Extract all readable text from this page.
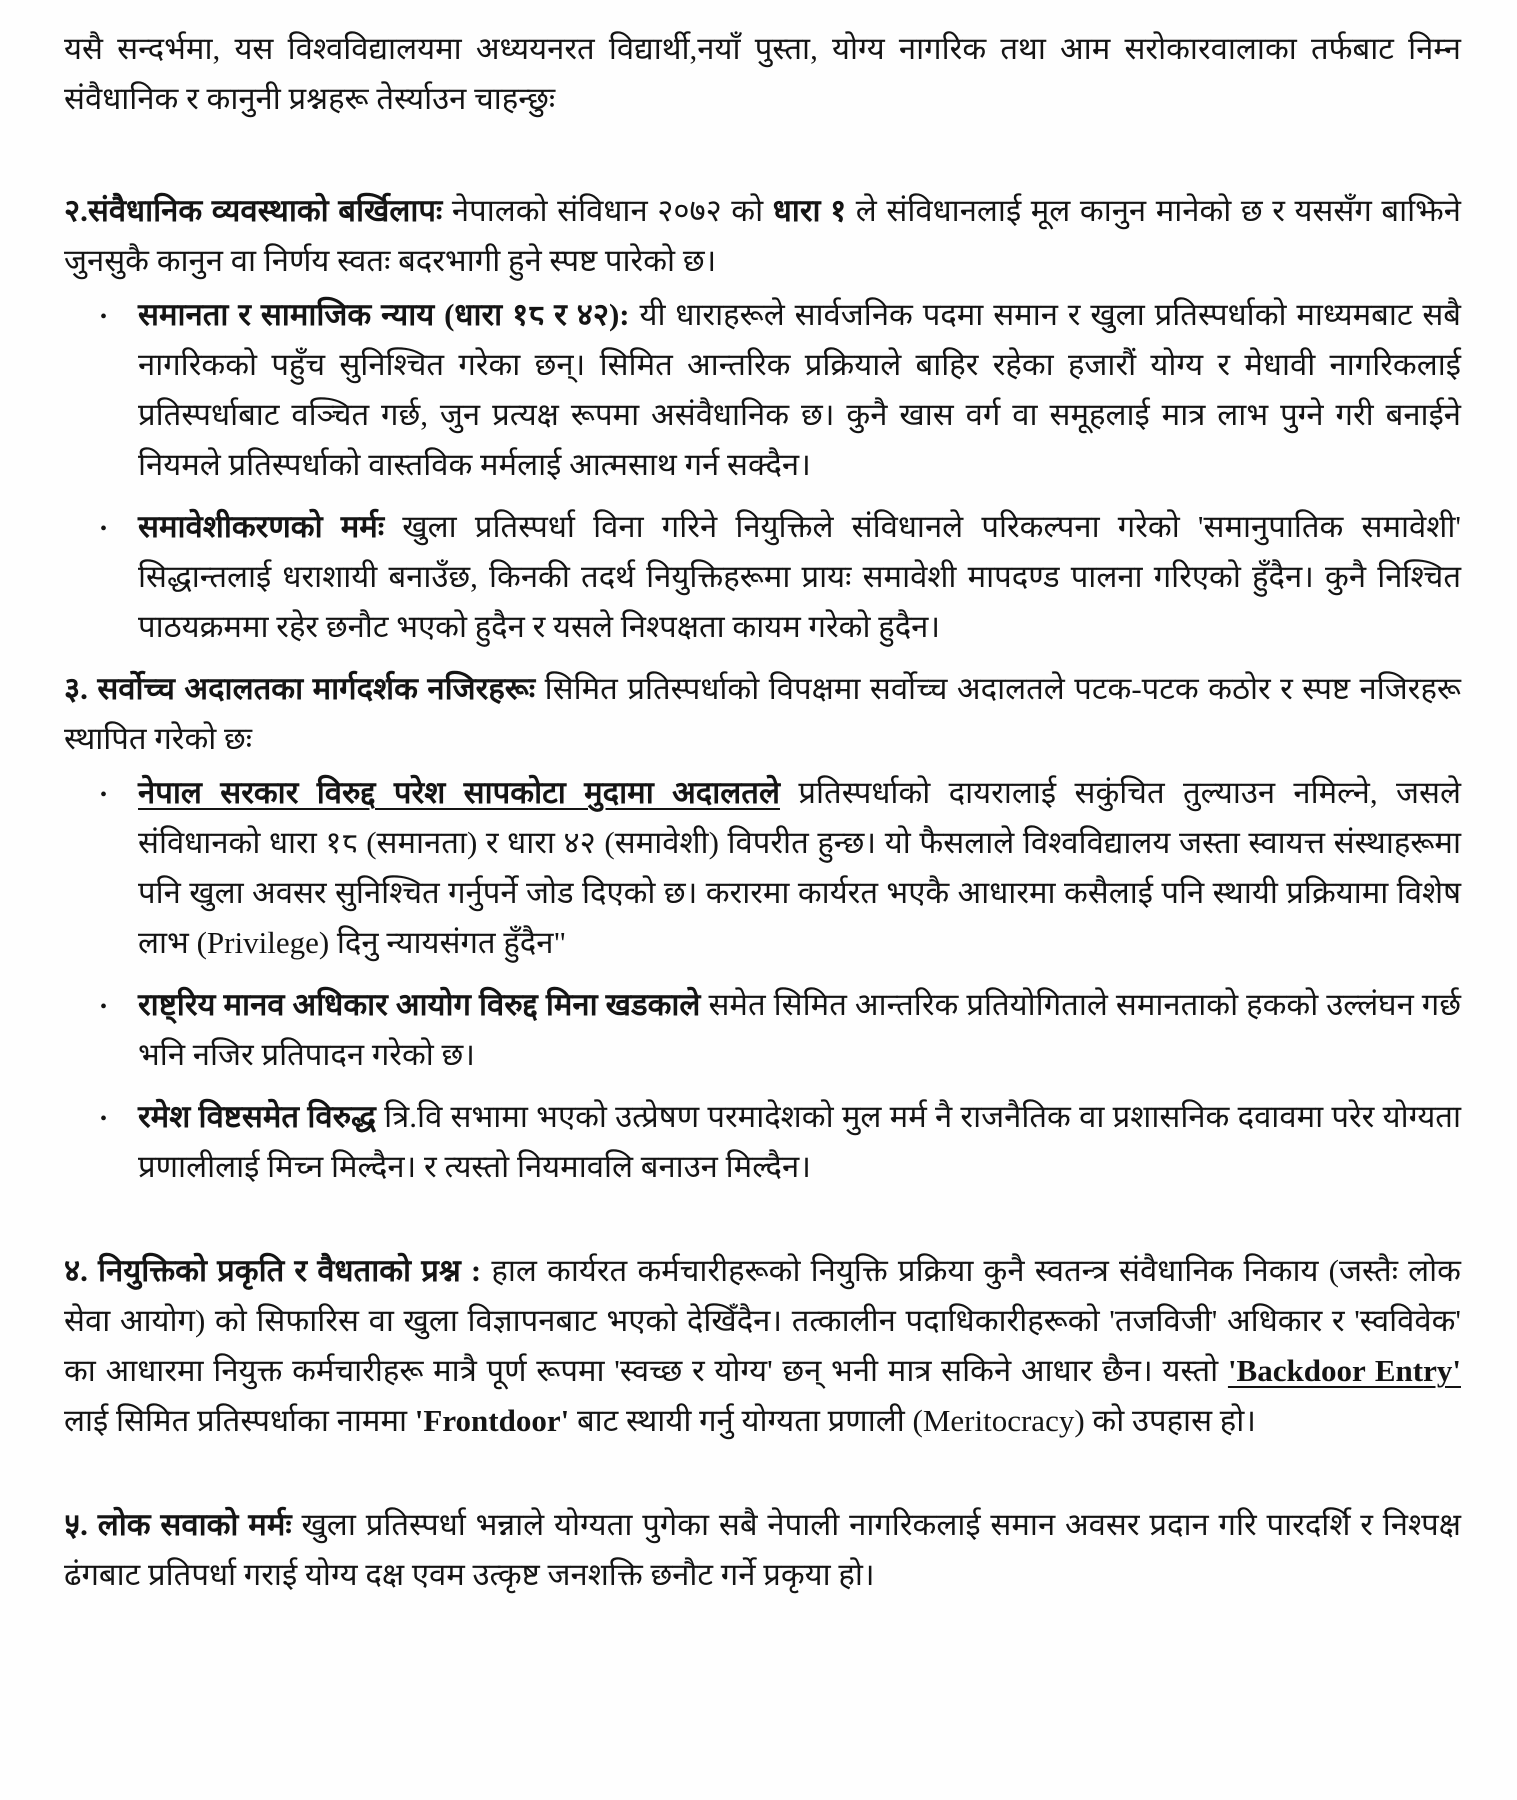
यसै सन्दर्भमा, यस विश्वविद्यालयमा अध्ययनरत विद्यार्थी,नयाँ पुस्ता, योग्य नागरिक तथा आम सरोकारवालाका तर्फबाट निम्न संवैधानिक र कानुनी प्रश्नहरू तेर्स्याउन चाहन्छुः

२.संवैधानिक व्यवस्थाको बर्खिलापः नेपालको संविधान २०७२ को धारा १ ले संविधानलाई मूल कानुन मानेको छ र यससँग बाझिने जुनसुकै कानुन वा निर्णय स्वतः बदरभागी हुने स्पष्ट पारेको छ।

• समानता र सामाजिक न्याय (धारा १८ र ४२): यी धाराहरूले सार्वजनिक पदमा समान र खुला प्रतिस्पर्धाको माध्यमबाट सबै नागरिकको पहुँच सुनिश्चित गरेका छन्। सिमित आन्तरिक प्रक्रियाले बाहिर रहेका हजारौं योग्य र मेधावी नागरिकलाई प्रतिस्पर्धाबाट वञ्चित गर्छ, जुन प्रत्यक्ष रूपमा असंवैधानिक छ। कुनै खास वर्ग वा समूहलाई मात्र लाभ पुग्ने गरी बनाईने नियमले प्रतिस्पर्धाको वास्तविक मर्मलाई आत्मसाथ गर्न सक्दैन।
• समावेशीकरणको मर्मः खुला प्रतिस्पर्धा विना गरिने नियुक्तिले संविधानले परिकल्पना गरेको 'समानुपातिक समावेशी' सिद्धान्तलाई धराशायी बनाउँछ, किनकी तदर्थ नियुक्तिहरूमा प्रायः समावेशी मापदण्ड पालना गरिएको हुँदैन। कुनै निश्चित पाठयक्रममा रहेर छनौट भएको हुदैन र यसले निश्पक्षता कायम गरेको हुदैन।

३. सर्वोच्च अदालतका मार्गदर्शक नजिरहरूः सिमित प्रतिस्पर्धाको विपक्षमा सर्वोच्च अदालतले पटक-पटक कठोर र स्पष्ट नजिरहरू स्थापित गरेको छः

• नेपाल सरकार विरुद्द परेश सापकोटा मुदामा अदालतले प्रतिस्पर्धाको दायरालाई सकुंचित तुल्याउन नमिल्ने, जसले संविधानको धारा १८ (समानता) र धारा ४२ (समावेशी) विपरीत हुन्छ। यो फैसलाले विश्वविद्यालय जस्ता स्वायत्त संस्थाहरूमा पनि खुला अवसर सुनिश्चित गर्नुपर्ने जोड दिएको छ। करारमा कार्यरत भएकै आधारमा कसैलाई पनि स्थायी प्रक्रियामा विशेष लाभ (Privilege) दिनु न्यायसंगत हुँदैन"
• राष्ट्रिय मानव अधिकार आयोग विरुद्द मिना खडकाले समेत सिमित आन्तरिक प्रतियोगिताले समानताको हकको उल्लंघन गर्छ भनि नजिर प्रतिपादन गरेको छ।
• रमेश विष्टसमेत विरुद्ध त्रि.वि सभामा भएको उत्प्रेषण परमादेशको मुल मर्म नै राजनैतिक वा प्रशासनिक दवावमा परेर योग्यता प्रणालीलाई मिच्न मिल्दैन। र त्यस्तो नियमावलि बनाउन मिल्दैन।

४. नियुक्तिको प्रकृति र वैधताको प्रश्न : हाल कार्यरत कर्मचारीहरूको नियुक्ति प्रक्रिया कुनै स्वतन्त्र संवैधानिक निकाय (जस्तैः लोक सेवा आयोग) को सिफारिस वा खुला विज्ञापनबाट भएको देखिँदैन। तत्कालीन पदाधिकारीहरूको 'तजविजी' अधिकार र 'स्वविवेक' का आधारमा नियुक्त कर्मचारीहरू मात्रै पूर्ण रूपमा 'स्वच्छ र योग्य' छन् भनी मात्र सकिने आधार छैन। यस्तो 'Backdoor Entry' लाई सिमित प्रतिस्पर्धाका नाममा 'Frontdoor' बाट स्थायी गर्नु योग्यता प्रणाली (Meritocracy) को उपहास हो।

५. लोक सवाको मर्मः खुला प्रतिस्पर्धा भन्नाले योग्यता पुगेका सबै नेपाली नागरिकलाई समान अवसर प्रदान गरि पारदर्शि र निश्पक्ष ढंगबाट प्रतिपर्धा गराई योग्य दक्ष एवम उत्कृष्ट जनशक्ति छनौट गर्ने प्रकृया हो।
